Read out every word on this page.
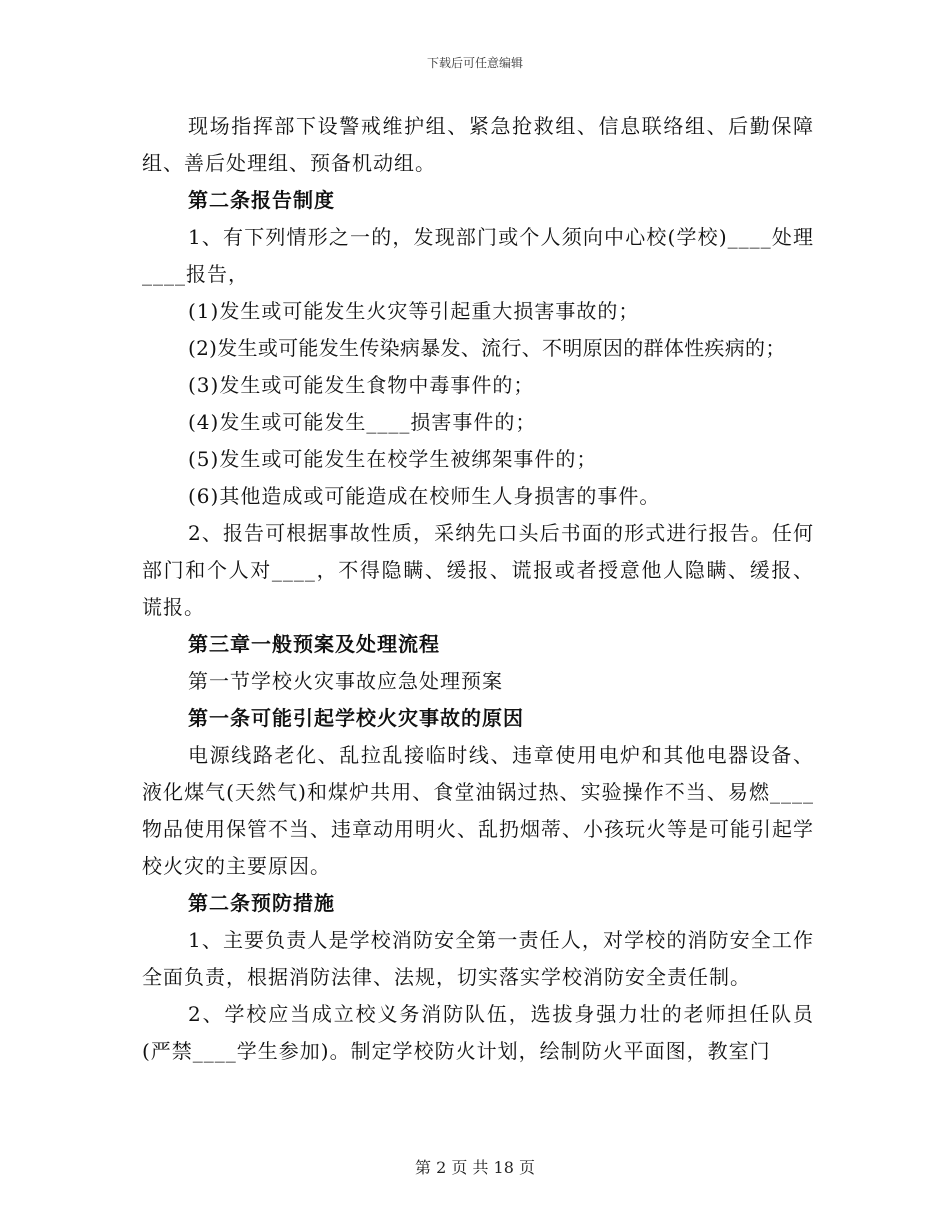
下载后可任意编辑

现场指挥部下设警戒维护组、紧急抢救组、信息联络组、后勤保障组、善后处理组、预备机动组。

第二条报告制度

1、有下列情形之一的，发现部门或个人须向中心校(学校)____处理____报告，

(1)发生或可能发生火灾等引起重大损害事故的；

(2)发生或可能发生传染病暴发、流行、不明原因的群体性疾病的；

(3)发生或可能发生食物中毒事件的；

(4)发生或可能发生____损害事件的；

(5)发生或可能发生在校学生被绑架事件的；

(6)其他造成或可能造成在校师生人身损害的事件。

2、报告可根据事故性质，采纳先口头后书面的形式进行报告。任何部门和个人对____，不得隐瞒、缓报、谎报或者授意他人隐瞒、缓报、谎报。

第三章一般预案及处理流程

第一节学校火灾事故应急处理预案

第一条可能引起学校火灾事故的原因

电源线路老化、乱拉乱接临时线、违章使用电炉和其他电器设备、液化煤气(天然气)和煤炉共用、食堂油锅过热、实验操作不当、易燃____物品使用保管不当、违章动用明火、乱扔烟蒂、小孩玩火等是可能引起学校火灾的主要原因。

第二条预防措施

1、主要负责人是学校消防安全第一责任人，对学校的消防安全工作全面负责，根据消防法律、法规，切实落实学校消防安全责任制。

2、学校应当成立校义务消防队伍，选拔身强力壮的老师担任队员(严禁____学生参加)。制定学校防火计划，绘制防火平面图，教室门

第 2 页 共 18 页
